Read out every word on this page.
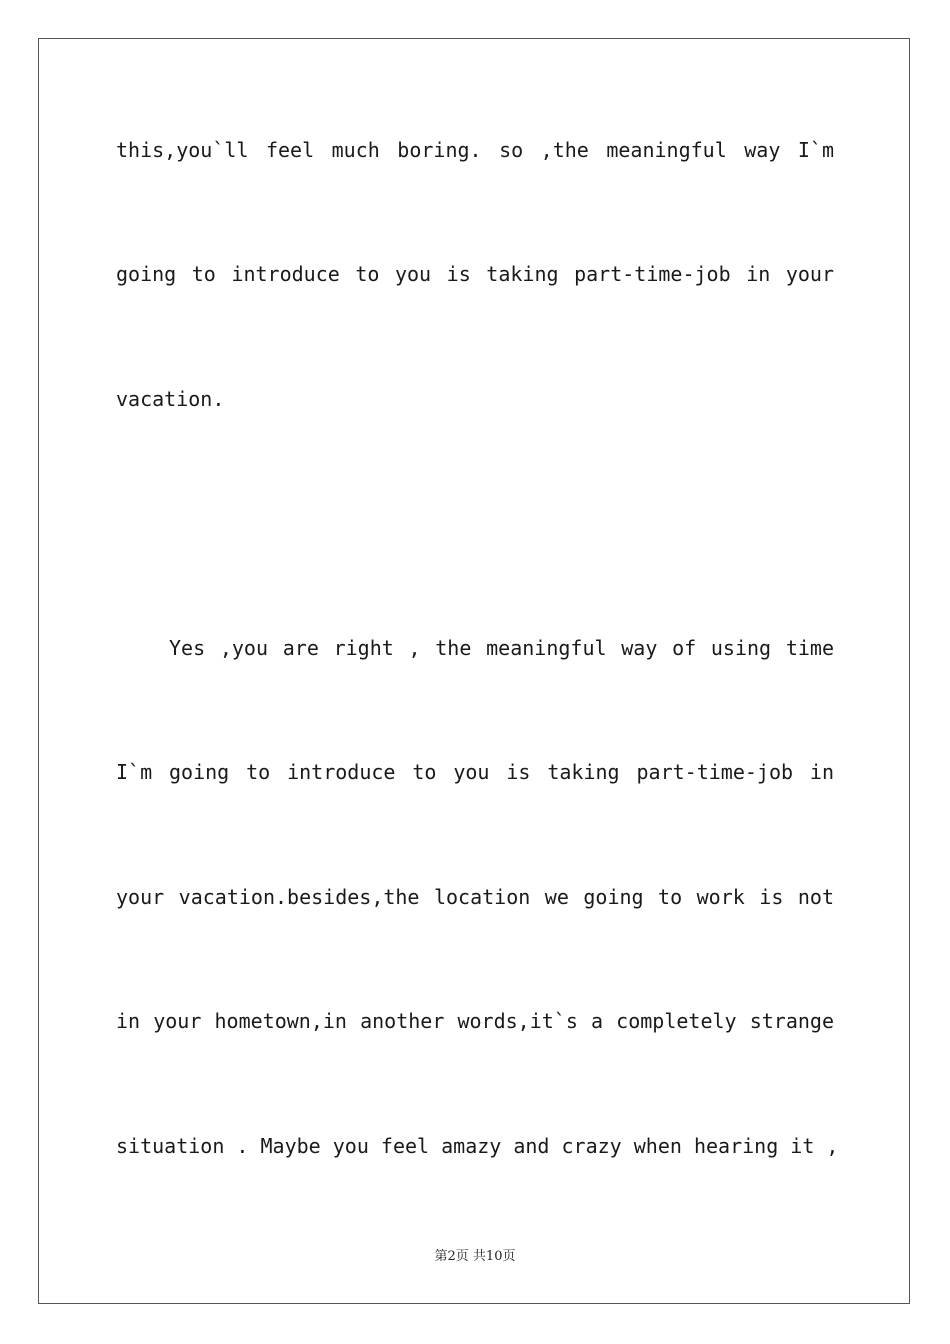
this,you`ll feel much boring. so ,the meaningful way I`m
going to introduce to you is taking part-time-job in your
vacation.
Yes ,you are right , the meaningful way of using time
I`m going to introduce to you is taking part-time-job in
your vacation.besides,the location we going to work is not
in your hometown,in another words,it`s a completely strange
situation . Maybe you feel amazy and crazy when hearing it ,
第2页 共10页
